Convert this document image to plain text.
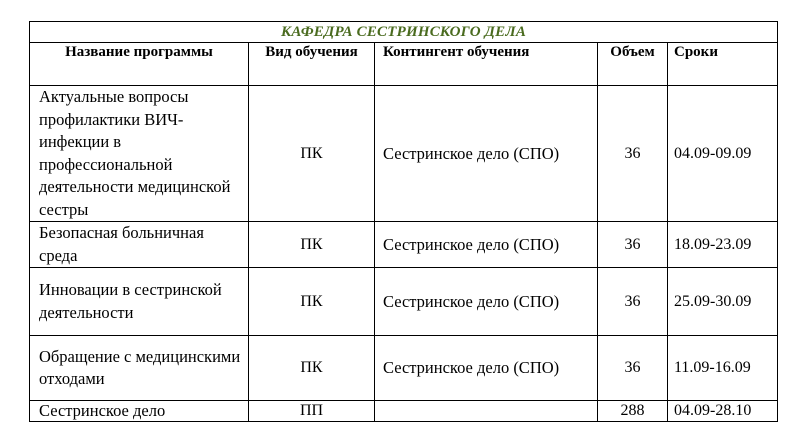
КАФЕДРА СЕСТРИНСКОГО ДЕЛА				
Название программы	Вид обучения	Контингент обучения	Объем	Сроки
Актуальные вопросы профилактики ВИЧ-инфекции в профессиональной деятельности медицинской сестры	ПК	Сестринское дело (СПО)	36	04.09-09.09
Безопасная больничная среда	ПК	Сестринское дело (СПО)	36	18.09-23.09
Инновации в сестринской деятельности	ПК	Сестринское дело (СПО)	36	25.09-30.09
Обращение с медицинскими отходами	ПК	Сестринское дело (СПО)	36	11.09-16.09
Сестринское дело	ПП		288	04.09-28.10
